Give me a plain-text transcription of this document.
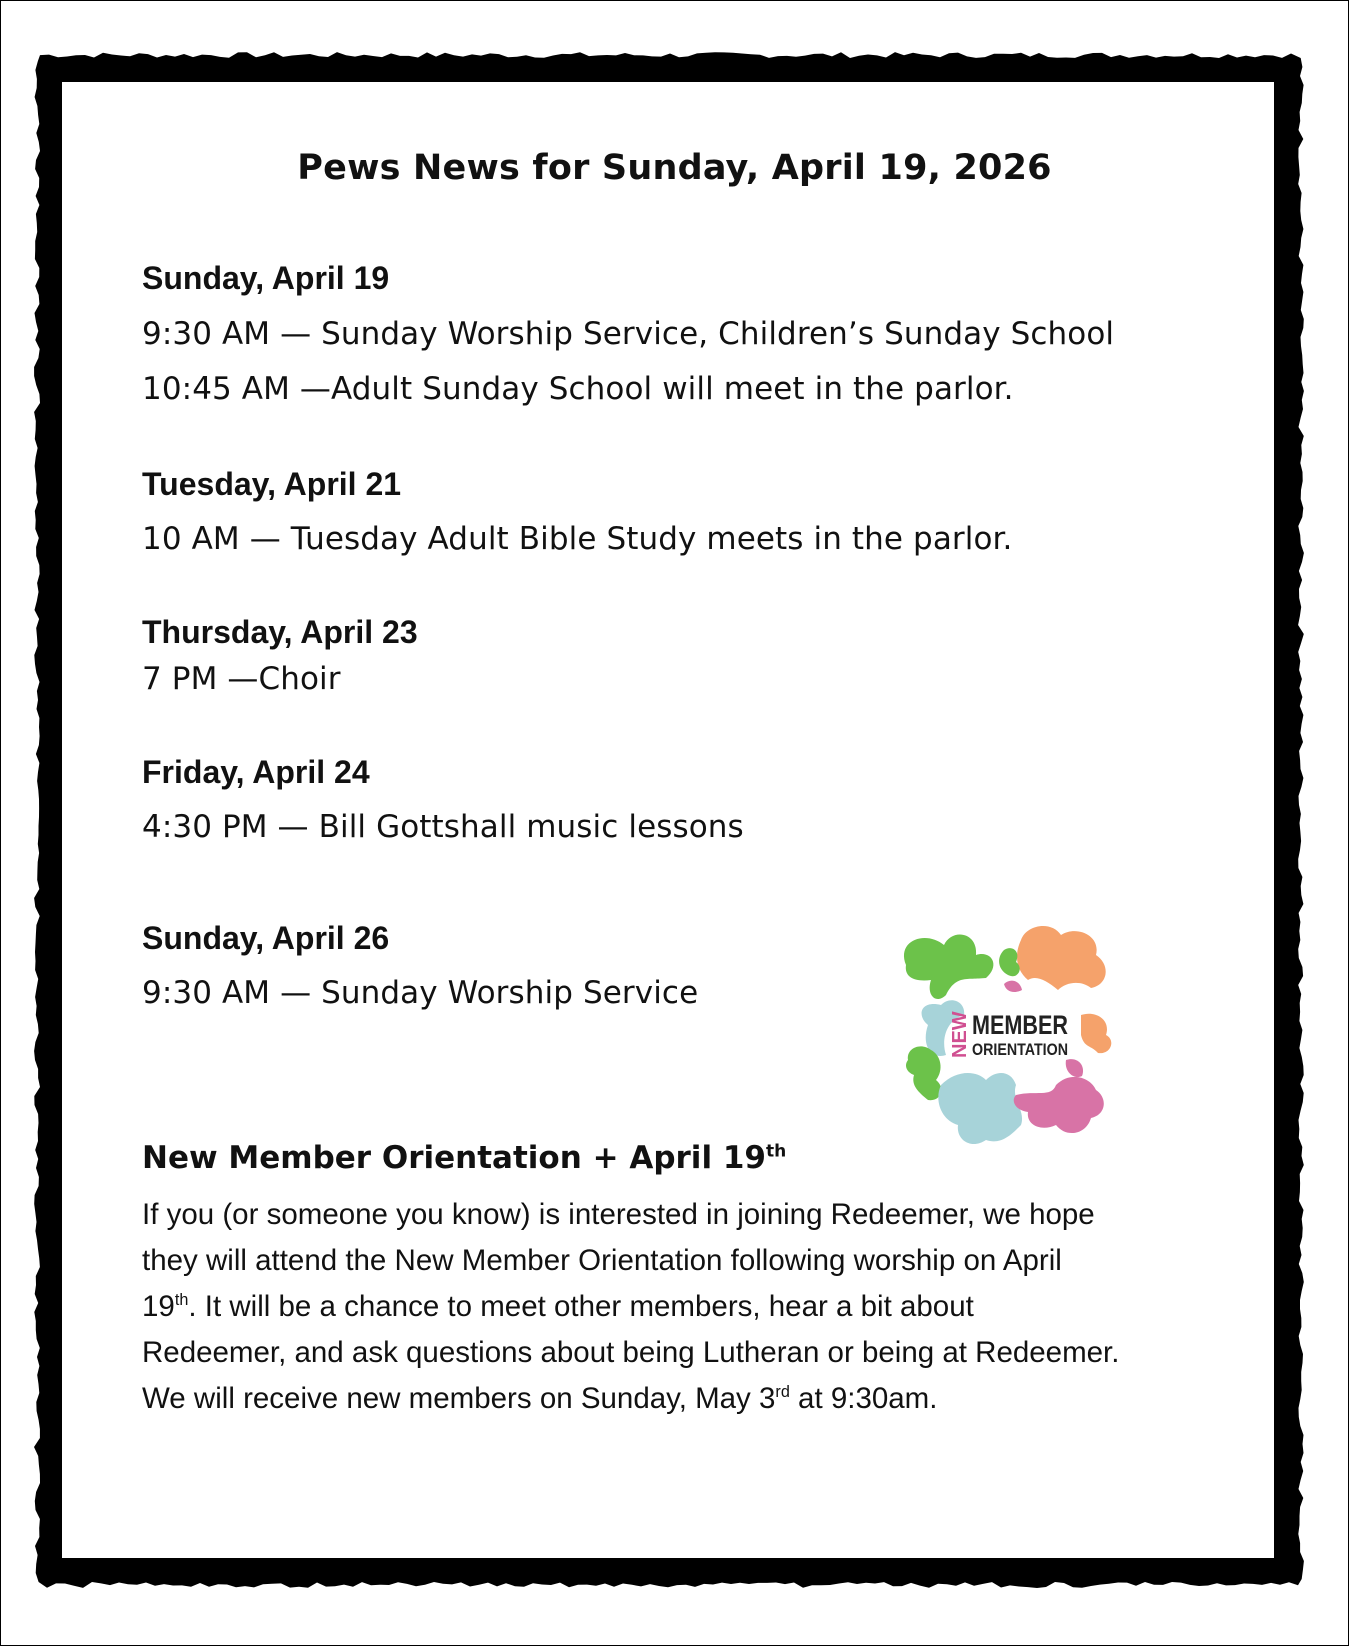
Pews News for Sunday, April 19, 2026
Sunday, April 19
9:30 AM — Sunday Worship Service, Children’s Sunday School
10:45 AM —Adult Sunday School will meet in the parlor.
Tuesday, April 21
10 AM — Tuesday Adult Bible Study meets in the parlor.
Thursday, April 23
7 PM —Choir
Friday, April 24
4:30 PM — Bill Gottshall music lessons
Sunday, April 26
9:30 AM — Sunday Worship Service
NEW MEMBER
ORIENTATION
New Member Orientation + April 19th
If you (or someone you know) is interested in joining Redeemer, we hope
they will attend the New Member Orientation following worship on April
19th. It will be a chance to meet other members, hear a bit about
Redeemer, and ask questions about being Lutheran or being at Redeemer.
We will receive new members on Sunday, May 3rd at 9:30am.
